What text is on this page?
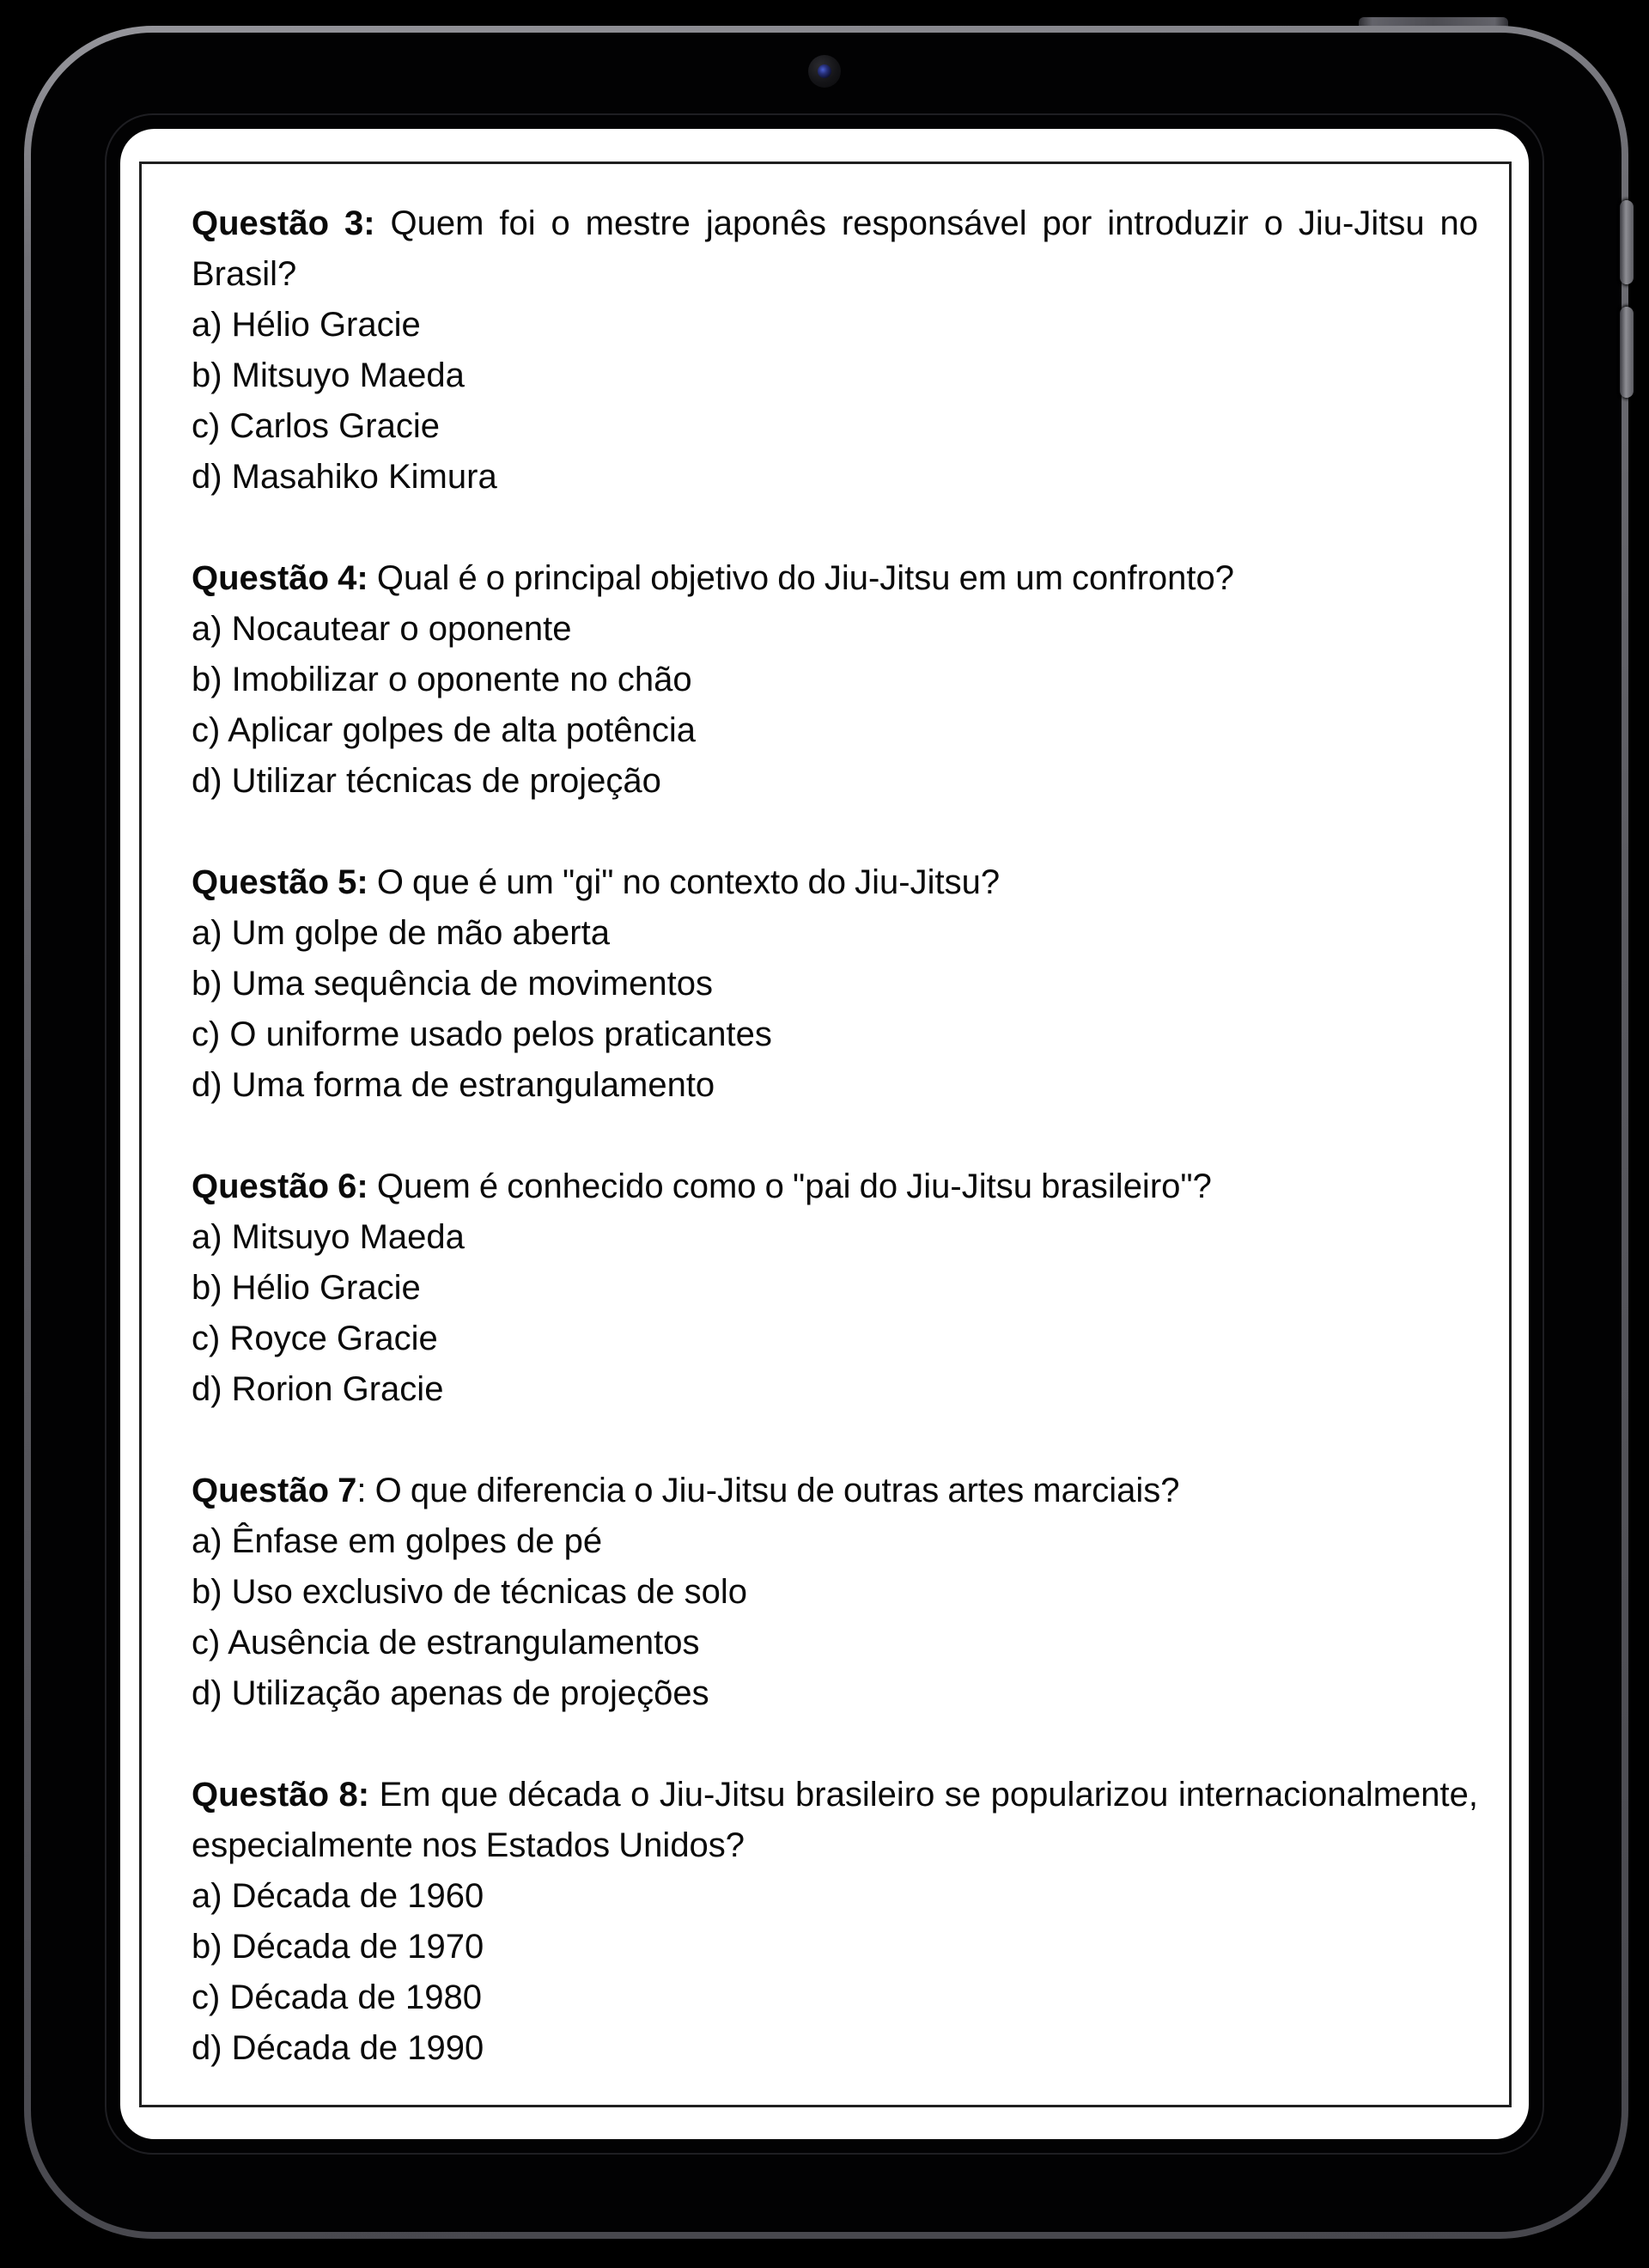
Questão 3: Quem foi o mestre japonês responsável por introduzir o Jiu-Jitsu no Brasil?

a) Hélio Gracie

b) Mitsuyo Maeda

c) Carlos Gracie

d) Masahiko Kimura

Questão 4: Qual é o principal objetivo do Jiu-Jitsu em um confronto?

a) Nocautear o oponente

b) Imobilizar o oponente no chão

c) Aplicar golpes de alta potência

d) Utilizar técnicas de projeção

Questão 5: O que é um "gi" no contexto do Jiu-Jitsu?

a) Um golpe de mão aberta

b) Uma sequência de movimentos

c) O uniforme usado pelos praticantes

d) Uma forma de estrangulamento

Questão 6: Quem é conhecido como o "pai do Jiu-Jitsu brasileiro"?

a) Mitsuyo Maeda

b) Hélio Gracie

c) Royce Gracie

d) Rorion Gracie

Questão 7: O que diferencia o Jiu-Jitsu de outras artes marciais?

a) Ênfase em golpes de pé

b) Uso exclusivo de técnicas de solo

c) Ausência de estrangulamentos

d) Utilização apenas de projeções

Questão 8: Em que década o Jiu-Jitsu brasileiro se popularizou internacionalmente, especialmente nos Estados Unidos?

a) Década de 1960

b) Década de 1970

c) Década de 1980

d) Década de 1990
